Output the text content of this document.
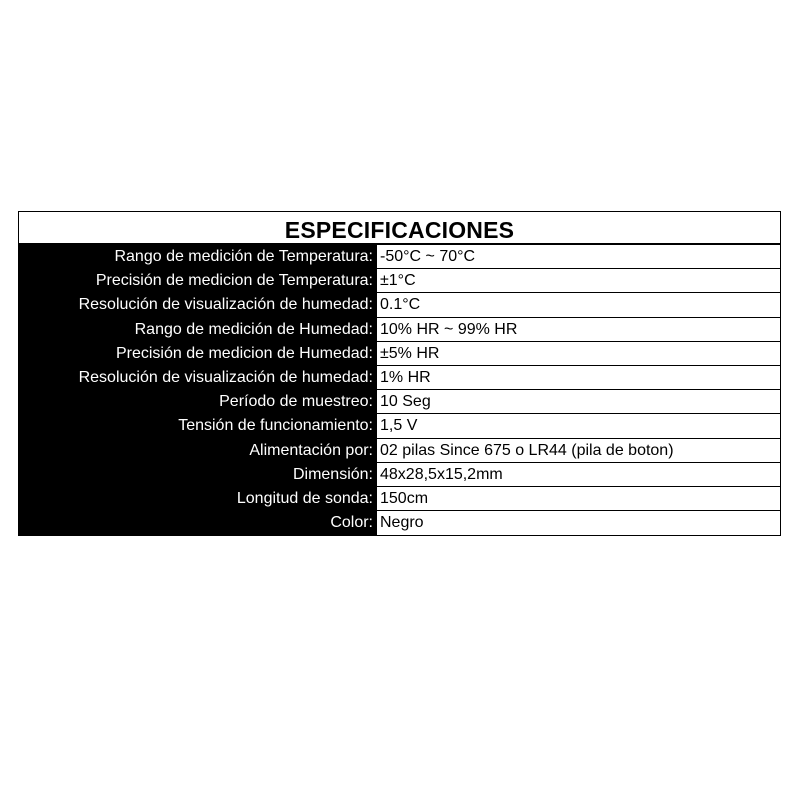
ESPECIFICACIONES
Rango de medición de Temperatura: -50°C ~ 70°C
Precisión de medicion de Temperatura: ±1°C
Resolución de visualización de humedad: 0.1°C
Rango de medición de Humedad: 10% HR ~ 99% HR
Precisión de medicion de Humedad: ±5% HR
Resolución de visualización de humedad: 1% HR
Período de muestreo: 10 Seg
Tensión de funcionamiento: 1,5 V
Alimentación por: 02 pilas Since 675 o LR44 (pila de boton)
Dimensión: 48x28,5x15,2mm
Longitud de sonda: 150cm
Color: Negro
